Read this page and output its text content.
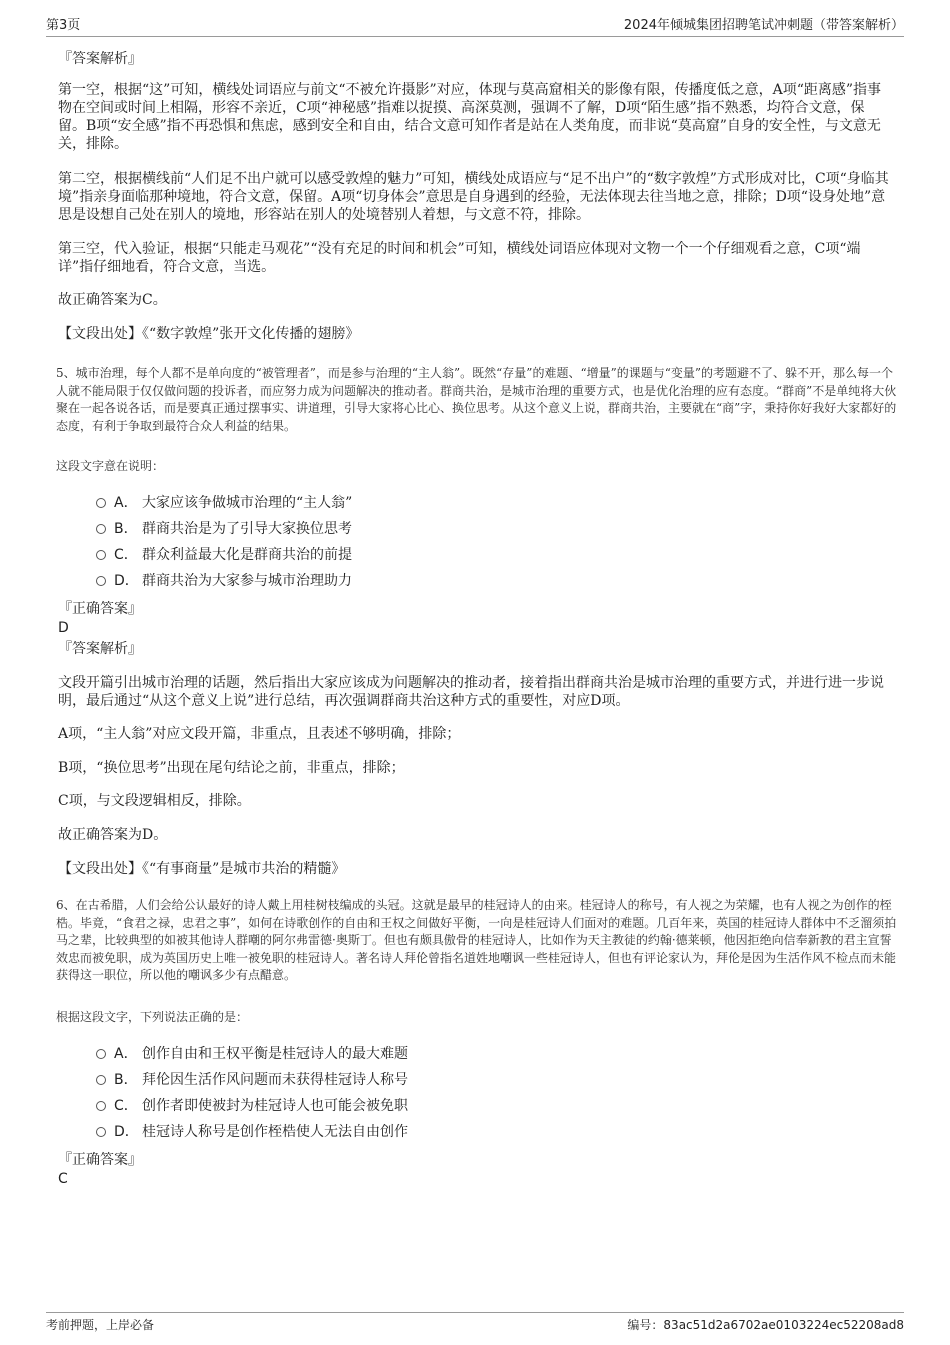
第3页	2024年倾城集团招聘笔试冲刺题（带答案解析）
『答案解析』
第一空，根据“这”可知，横线处词语应与前文“不被允许摄影”对应，体现与莫高窟相关的影像有限，传播度低之意，A项“距离感”指事物在空间或时间上相隔，形容不亲近，C项“神秘感”指难以捉摸、高深莫测，强调不了解，D项“陌生感”指不熟悉，均符合文意，保留。B项“安全感”指不再恐惧和焦虑，感到安全和自由，结合文意可知作者是站在人类角度，而非说“莫高窟”自身的安全性，与文意无关，排除。
第二空，根据横线前“人们足不出户就可以感受敦煌的魅力”可知，横线处成语应与“足不出户”的“数字敦煌”方式形成对比，C项“身临其境”指亲身面临那种境地，符合文意，保留。A项“切身体会”意思是自身遇到的经验，无法体现去往当地之意，排除；D项“设身处地”意思是设想自己处在别人的境地，形容站在别人的处境替别人着想，与文意不符，排除。
第三空，代入验证，根据“只能走马观花”“没有充足的时间和机会”可知，横线处词语应体现对文物一个一个仔细观看之意，C项“端详”指仔细地看，符合文意，当选。
故正确答案为C。
【文段出处】《“数字敦煌”张开文化传播的翅膀》
5、城市治理，每个人都不是单向度的“被管理者”，而是参与治理的“主人翁”。既然“存量”的难题、“增量”的课题与“变量”的考题避不了、躲不开，那么每一个人就不能局限于仅仅做问题的投诉者，而应努力成为问题解决的推动者。群商共治，是城市治理的重要方式，也是优化治理的应有态度。“群商”不是单纯将大伙聚在一起各说各话，而是要真正通过摆事实、讲道理，引导大家将心比心、换位思考。从这个意义上说，群商共治，主要就在“商”字，秉持你好我好大家都好的态度，有利于争取到最符合众人利益的结果。
这段文字意在说明：
A． 大家应该争做城市治理的“主人翁”
B． 群商共治是为了引导大家换位思考
C． 群众利益最大化是群商共治的前提
D． 群商共治为大家参与城市治理助力
『正确答案』
D
『答案解析』
文段开篇引出城市治理的话题，然后指出大家应该成为问题解决的推动者，接着指出群商共治是城市治理的重要方式，并进行进一步说明，最后通过“从这个意义上说”进行总结，再次强调群商共治这种方式的重要性，对应D项。
A项，“主人翁”对应文段开篇，非重点，且表述不够明确，排除；
B项，“换位思考”出现在尾句结论之前，非重点，排除；
C项，与文段逻辑相反，排除。
故正确答案为D。
【文段出处】《“有事商量”是城市共治的精髓》
6、在古希腊，人们会给公认最好的诗人戴上用桂树枝编成的头冠。这就是最早的桂冠诗人的由来。桂冠诗人的称号，有人视之为荣耀，也有人视之为创作的桎梏。毕竟，“食君之禄，忠君之事”，如何在诗歌创作的自由和王权之间做好平衡，一向是桂冠诗人们面对的难题。几百年来，英国的桂冠诗人群体中不乏溜须拍马之辈，比较典型的如被其他诗人群嘲的阿尔弗雷德·奥斯丁。但也有颇具傲骨的桂冠诗人，比如作为天主教徒的约翰·德莱顿，他因拒绝向信奉新教的君主宣誓效忠而被免职，成为英国历史上唯一被免职的桂冠诗人。著名诗人拜伦曾指名道姓地嘲讽一些桂冠诗人，但也有评论家认为，拜伦是因为生活作风不检点而未能获得这一职位，所以他的嘲讽多少有点醋意。
根据这段文字，下列说法正确的是：
A． 创作自由和王权平衡是桂冠诗人的最大难题
B． 拜伦因生活作风问题而未获得桂冠诗人称号
C． 创作者即使被封为桂冠诗人也可能会被免职
D． 桂冠诗人称号是创作桎梏使人无法自由创作
『正确答案』
C
考前押题，上岸必备	编号：83ac51d2a6702ae0103224ec52208ad8
